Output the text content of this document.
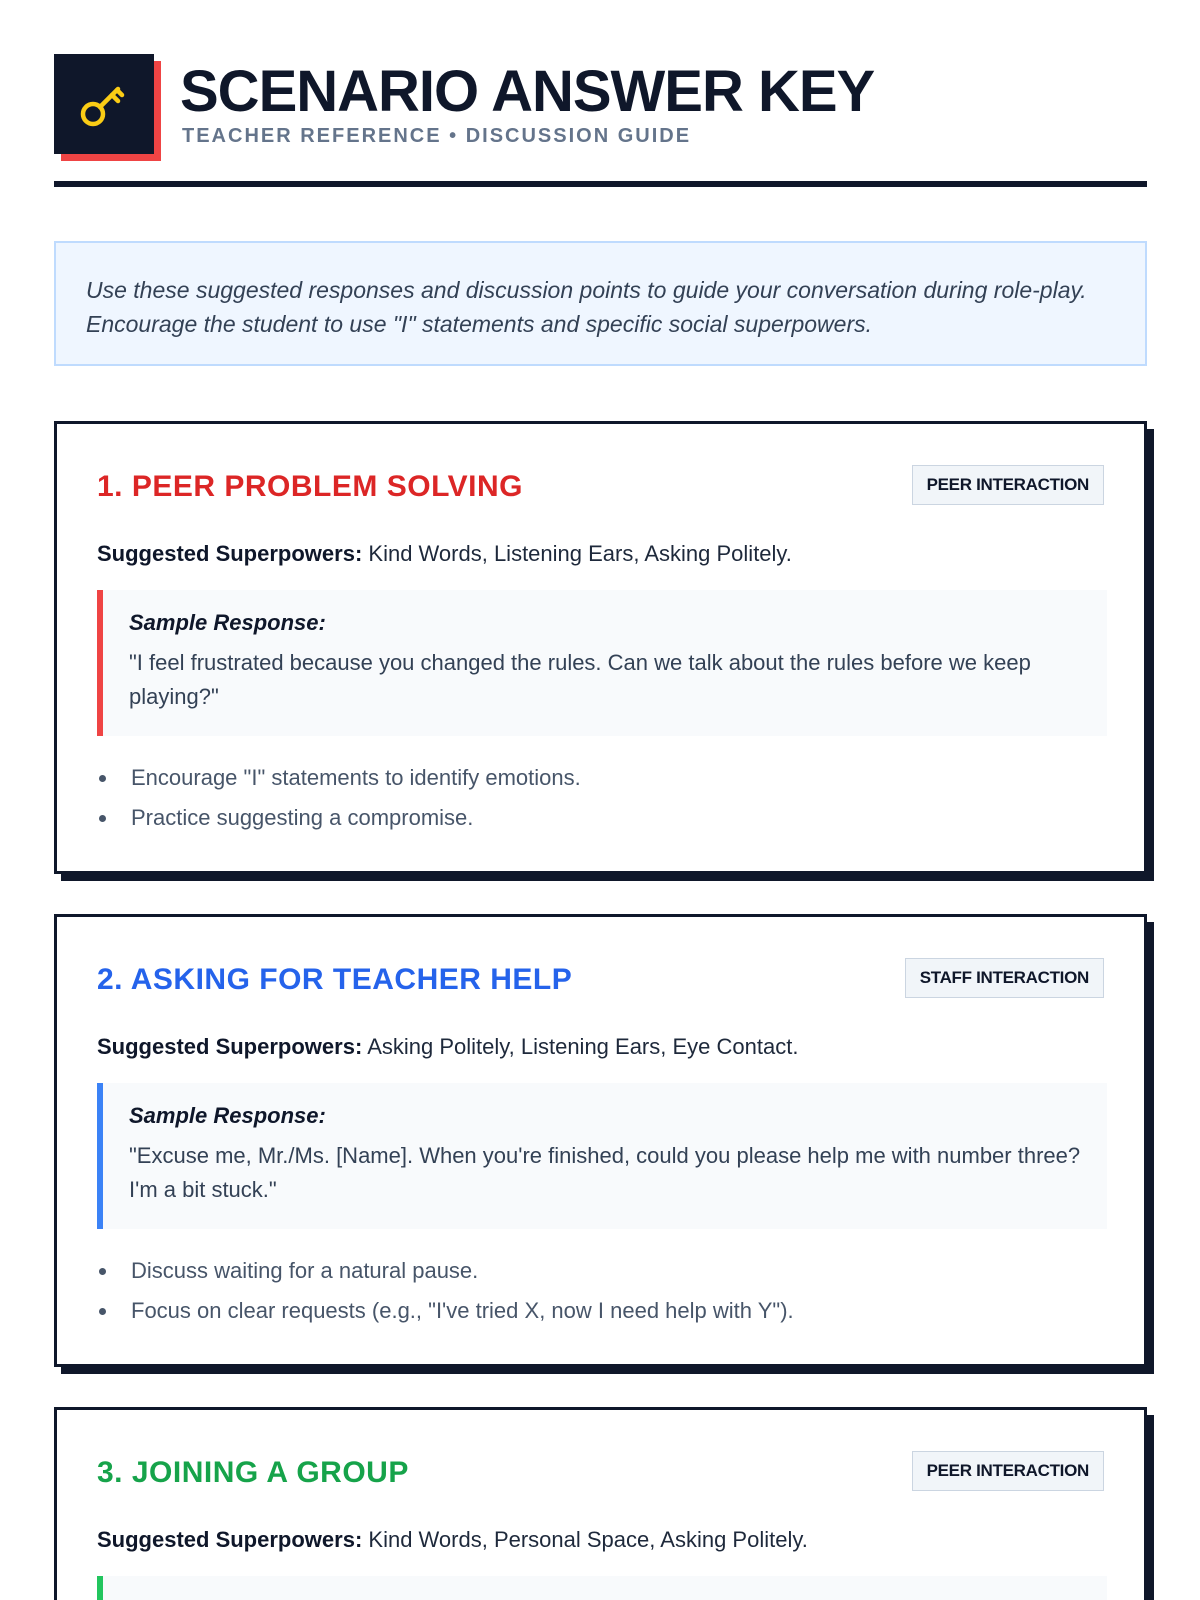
SCENARIO ANSWER KEY
TEACHER REFERENCE • DISCUSSION GUIDE
Use these suggested responses and discussion points to guide your conversation during role-play. Encourage the student to use "I" statements and specific social superpowers.
1. PEER PROBLEM SOLVING	PEER INTERACTION
Suggested Superpowers: Kind Words, Listening Ears, Asking Politely.
Sample Response:
"I feel frustrated because you changed the rules. Can we talk about the rules before we keep playing?"
Encourage "I" statements to identify emotions.
Practice suggesting a compromise.
2. ASKING FOR TEACHER HELP	STAFF INTERACTION
Suggested Superpowers: Asking Politely, Listening Ears, Eye Contact.
Sample Response:
"Excuse me, Mr./Ms. [Name]. When you're finished, could you please help me with number three? I'm a bit stuck."
Discuss waiting for a natural pause.
Focus on clear requests (e.g., "I've tried X, now I need help with Y").
3. JOINING A GROUP	PEER INTERACTION
Suggested Superpowers: Kind Words, Personal Space, Asking Politely.
